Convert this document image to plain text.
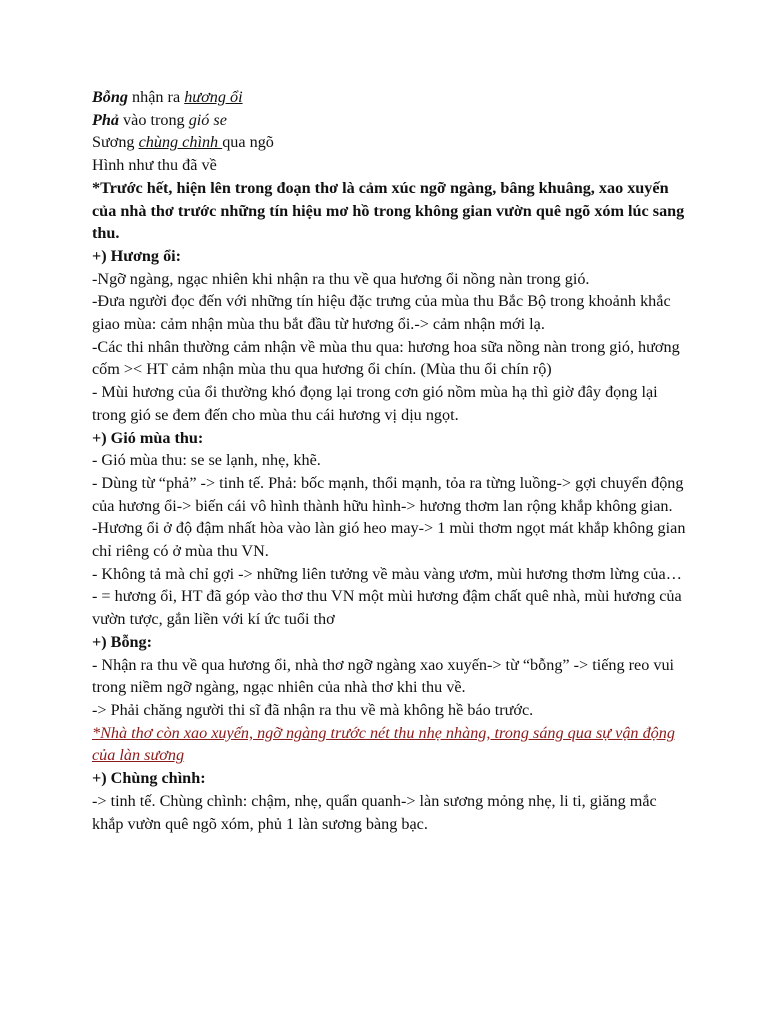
Bỗng nhận ra hương ổi
Phả vào trong gió se
Sương chùng chình qua ngõ
Hình như thu đã về
*Trước hết, hiện lên trong đoạn thơ là cảm xúc ngỡ ngàng, bâng khuâng, xao xuyến của nhà thơ trước những tín hiệu mơ hồ trong không gian vườn quê ngõ xóm lúc sang thu.
+) Hương ổi:
-Ngỡ ngàng, ngạc nhiên khi nhận ra thu về qua hương ổi nồng nàn trong gió.
-Đưa người đọc đến với những tín hiệu đặc trưng của mùa thu Bắc Bộ trong khoảnh khắc giao mùa: cảm nhận mùa thu bắt đầu từ hương ổi.-> cảm nhận mới lạ.
-Các thi nhân thường cảm nhận về mùa thu qua: hương hoa sữa nồng nàn trong gió, hương cốm >< HT cảm nhận mùa thu qua hương ổi chín. (Mùa thu ổi chín rộ)
- Mùi hương của ổi thường khó đọng lại trong cơn gió nồm mùa hạ thì giờ đây đọng lại trong gió se đem đến cho mùa thu cái hương vị dịu ngọt.
+) Gió mùa thu:
- Gió mùa thu: se se lạnh, nhẹ, khẽ.
- Dùng từ “phả” -> tinh tế. Phả: bốc mạnh, thổi mạnh, tỏa ra từng luồng-> gợi chuyển động của hương ổi-> biến cái vô hình thành hữu hình-> hương thơm lan rộng khắp không gian.
-Hương ổi ở độ đậm nhất hòa vào làn gió heo may-> 1 mùi thơm ngọt mát khắp không gian chỉ riêng có ở mùa thu VN.
- Không tả mà chỉ gợi -> những liên tưởng về màu vàng ươm, mùi hương thơm lừng của…
- = hương ổi, HT đã góp vào thơ thu VN một mùi hương đậm chất quê nhà, mùi hương của vườn tược, gắn liền với kí ức tuổi thơ
+) Bỗng:
- Nhận ra thu về qua hương ổi, nhà thơ ngỡ ngàng xao xuyến-> từ “bỗng” -> tiếng reo vui trong niềm ngỡ ngàng, ngạc nhiên của nhà thơ khi thu về.
-> Phải chăng người thi sĩ đã nhận ra thu về mà không hề báo trước.
*Nhà thơ còn xao xuyến, ngỡ ngàng trước nét thu nhẹ nhàng, trong sáng qua sự vận động của làn sương
+) Chùng chình:
-> tinh tế. Chùng chình: chậm, nhẹ, quẩn quanh-> làn sương mỏng nhẹ, li ti, giăng mắc khắp vườn quê ngõ xóm, phủ 1 làn sương bàng bạc.
